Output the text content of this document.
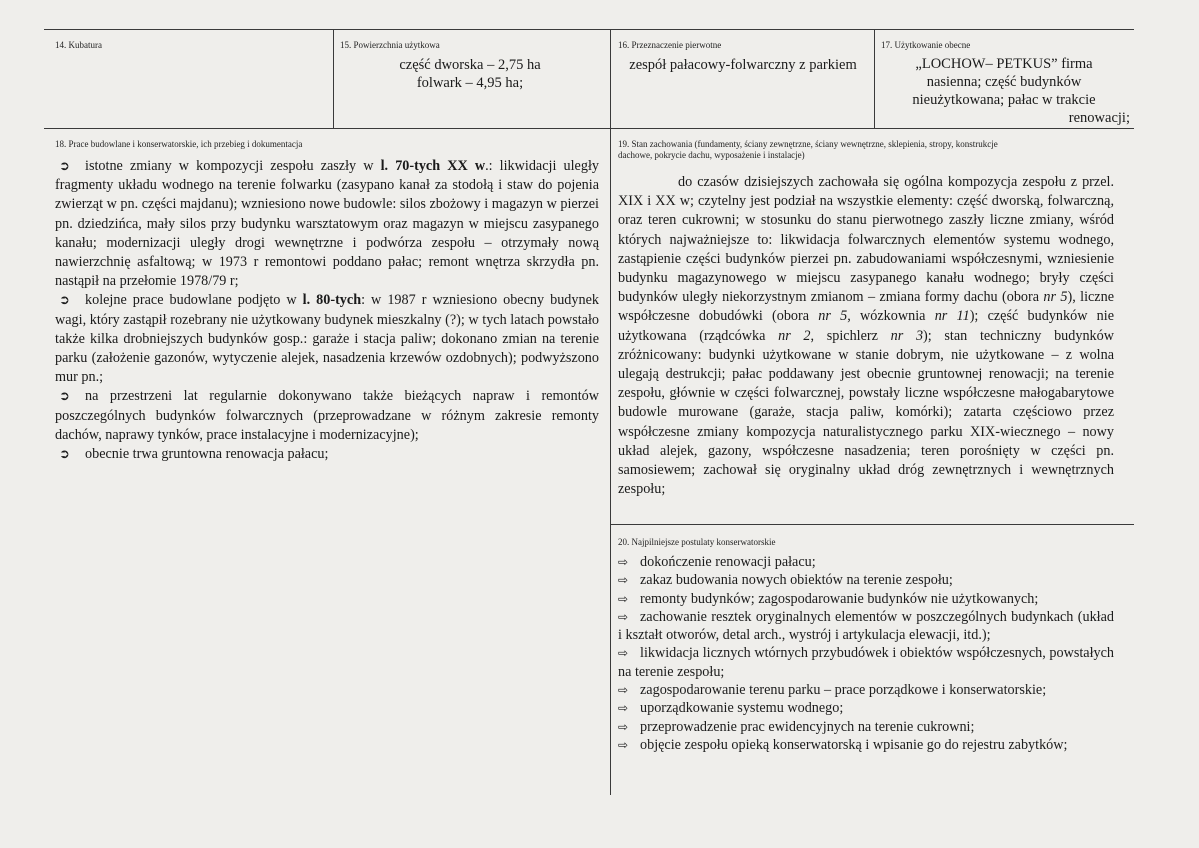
14. Kubatura	15. Powierzchnia użytkowa
część dworska – 2,75 ha
folwark – 4,95 ha;
16. Przeznaczenie pierwotne
zespół pałacowy-folwarczny z parkiem
17. Użytkowanie obecne
„LOCHOW– PETKUS” firma
nasienna; część budynków
nieużytkowana; pałac w trakcie
renowacji;
18. Prace budowlane i konserwatorskie, ich przebieg i dokumentacja

➲ istotne zmiany w kompozycji zespołu zaszły w l. 70-tych XX w.: likwidacji uległy fragmenty układu wodnego na terenie folwarku (zasypano kanał za stodołą i staw do pojenia zwierząt w pn. części majdanu); wzniesiono nowe budowle: silos zbożowy i magazyn w pierzei pn. dziedzińca, mały silos przy budynku warsztatowym oraz magazyn w miejscu zasypanego kanału; modernizacji uległy drogi wewnętrzne i podwórza zespołu – otrzymały nową nawierzchnię asfaltową; w 1973 r remontowi poddano pałac; remont wnętrza skrzydła pn. nastąpił na przełomie 1978/79 r;

➲ kolejne prace budowlane podjęto w l. 80-tych: w 1987 r wzniesiono obecny budynek wagi, który zastąpił rozebrany nie użytkowany budynek mieszkalny (?); w tych latach powstało także kilka drobniejszych budynków gosp.: garaże i stacja paliw; dokonano zmian na terenie parku (założenie gazonów, wytyczenie alejek, nasadzenia krzewów ozdobnych); podwyższono mur pn.;

➲ na przestrzeni lat regularnie dokonywano także bieżących napraw i remontów poszczególnych budynków folwarcznych (przeprowadzane w różnym zakresie remonty dachów, naprawy tynków, prace instalacyjne i modernizacyjne);

➲ obecnie trwa gruntowna renowacja pałacu;

19. Stan zachowania (fundamenty, ściany zewnętrzne, ściany wewnętrzne, sklepienia, stropy, konstrukcje
dachowe, pokrycie dachu, wyposażenie i instalacje)

do czasów dzisiejszych zachowała się ogólna kompozycja zespołu z przel. XIX i XX w; czytelny jest podział na wszystkie elementy: część dworską, folwarczną, oraz teren cukrowni; w stosunku do stanu pierwotnego zaszły liczne zmiany, wśród których najważniejsze to: likwidacja folwarcznych elementów systemu wodnego, zastąpienie części budynków pierzei pn. zabudowaniami współczesnymi, wzniesienie budynku magazynowego w miejscu zasypanego kanału wodnego; bryły części budynków uległy niekorzystnym zmianom – zmiana formy dachu (obora nr 5), liczne współczesne dobudówki (obora nr 5, wózkownia nr 11); część budynków nie użytkowana (rządcówka nr 2, spichlerz nr 3); stan techniczny budynków zróżnicowany: budynki użytkowane w stanie dobrym, nie użytkowane – z wolna ulegają destrukcji; pałac poddawany jest obecnie gruntownej renowacji; na terenie zespołu, głównie w części folwarcznej, powstały liczne współczesne małogabarytowe budowle murowane (garaże, stacja paliw, komórki); zatarta częściowo przez współczesne zmiany kompozycja naturalistycznego parku XIX-wiecznego – nowy układ alejek, gazony, współczesne nasadzenia; teren porośnięty w części pn. samosiewem; zachował się oryginalny układ dróg zewnętrznych i wewnętrznych zespołu;

20. Najpilniejsze postulaty konserwatorskie
⇨ dokończenie renowacji pałacu;
⇨ zakaz budowania nowych obiektów na terenie zespołu;
⇨ remonty budynków; zagospodarowanie budynków nie użytkowanych;
⇨ zachowanie resztek oryginalnych elementów w poszczególnych budynkach (układ i kształt otworów, detal arch., wystrój i artykulacja elewacji, itd.);
⇨ likwidacja licznych wtórnych przybudówek i obiektów współczesnych, powstałych na terenie zespołu;
⇨ zagospodarowanie terenu parku – prace porządkowe i konserwatorskie;
⇨ uporządkowanie systemu wodnego;
⇨ przeprowadzenie prac ewidencyjnych na terenie cukrowni;
⇨ objęcie zespołu opieką konserwatorską i wpisanie go do rejestru zabytków;
